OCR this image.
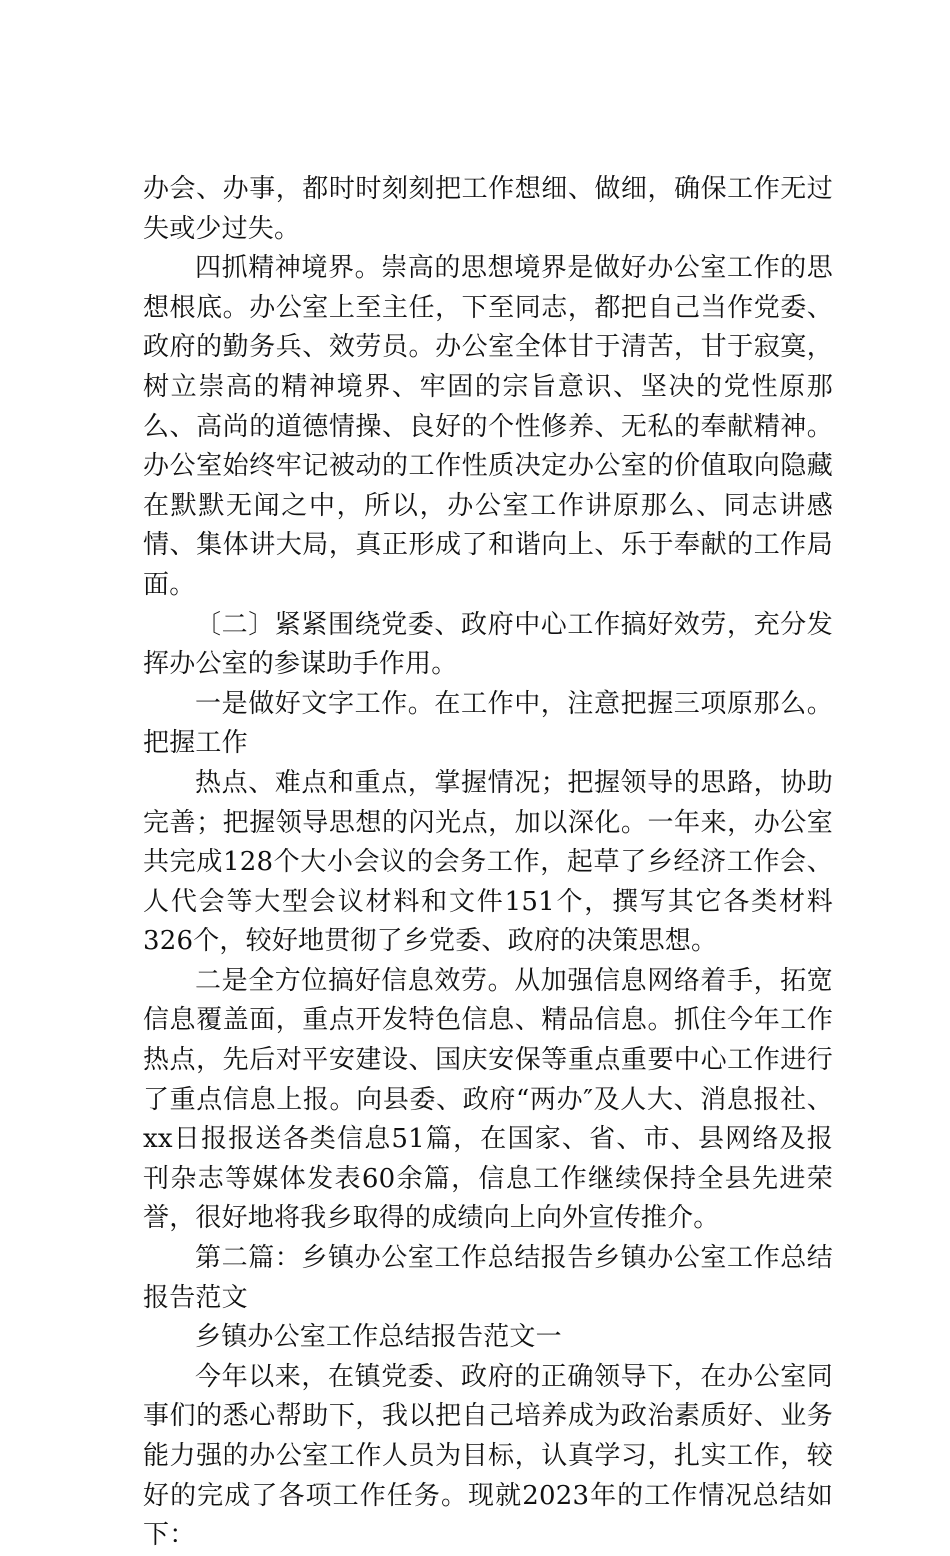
办会、办事，都时时刻刻把工作想细、做细，确保工作无过失或少过失。

四抓精神境界。崇高的思想境界是做好办公室工作的思想根底。办公室上至主任，下至同志，都把自己当作党委、政府的勤务兵、效劳员。办公室全体甘于清苦，甘于寂寞，树立崇高的精神境界、牢固的宗旨意识、坚决的党性原那么、高尚的道德情操、良好的个性修养、无私的奉献精神。办公室始终牢记被动的工作性质决定办公室的价值取向隐藏在默默无闻之中，所以，办公室工作讲原那么、同志讲感情、集体讲大局，真正形成了和谐向上、乐于奉献的工作局面。

〔二〕紧紧围绕党委、政府中心工作搞好效劳，充分发挥办公室的参谋助手作用。

一是做好文字工作。在工作中，注意把握三项原那么。把握工作

热点、难点和重点，掌握情况；把握领导的思路，协助完善；把握领导思想的闪光点，加以深化。一年来，办公室共完成128个大小会议的会务工作，起草了乡经济工作会、人代会等大型会议材料和文件151个，撰写其它各类材料326个，较好地贯彻了乡党委、政府的决策思想。

二是全方位搞好信息效劳。从加强信息网络着手，拓宽信息覆盖面，重点开发特色信息、精品信息。抓住今年工作热点，先后对平安建设、国庆安保等重点重要中心工作进行了重点信息上报。向县委、政府“两办″及人大、消息报社、xx日报报送各类信息51篇，在国家、省、市、县网络及报刊杂志等媒体发表60余篇，信息工作继续保持全县先进荣誉，很好地将我乡取得的成绩向上向外宣传推介。

第二篇：乡镇办公室工作总结报告乡镇办公室工作总结报告范文

乡镇办公室工作总结报告范文一

今年以来，在镇党委、政府的正确领导下，在办公室同事们的悉心帮助下，我以把自己培养成为政治素质好、业务能力强的办公室工作人员为目标，认真学习，扎实工作，较好的完成了各项工作任务。现就2023年的工作情况总结如下：
